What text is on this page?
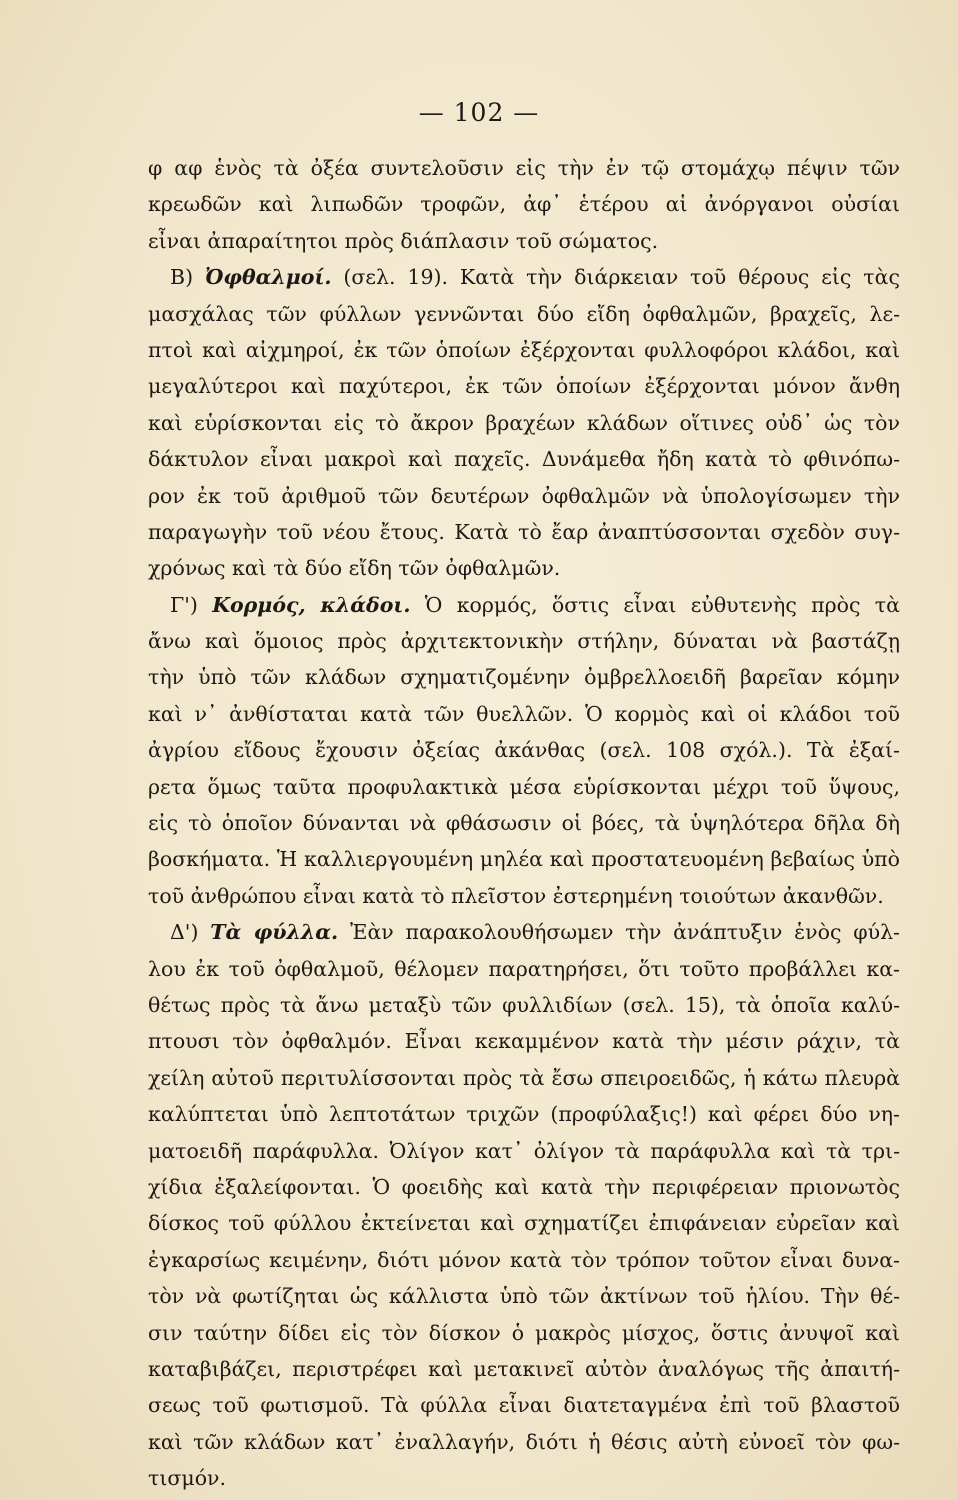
— 102 —
φ αφ ἑνὸς τὰ ὀξέα συντελοῦσιν εἰς τὴν ἐν τῷ στομάχῳ πέψιν τῶν
κρεωδῶν καὶ λιπωδῶν τροφῶν, ἀφ᾽ ἑτέρου αἱ ἀνόργανοι οὐσίαι
εἶναι ἀπαραίτητοι πρὸς διάπλασιν τοῦ σώματος.
Β) Ὀφθαλμοί. (σελ. 19). Κατὰ τὴν διάρκειαν τοῦ θέρους εἰς τὰς
μασχάλας τῶν φύλλων γεννῶνται δύο εἴδη ὀφθαλμῶν, βραχεῖς, λε-
πτοὶ καὶ αἰχμηροί, ἐκ τῶν ὁποίων ἐξέρχονται φυλλοφόροι κλάδοι, καὶ
μεγαλύτεροι καὶ παχύτεροι, ἐκ τῶν ὁποίων ἐξέρχονται μόνον ἄνθη
καὶ εὑρίσκονται εἰς τὸ ἄκρον βραχέων κλάδων οἵτινες οὐδ᾽ ὡς τὸν
δάκτυλον εἶναι μακροὶ καὶ παχεῖς. Δυνάμεθα ἤδη κατὰ τὸ φθινόπω-
ρον ἐκ τοῦ ἀριθμοῦ τῶν δευτέρων ὀφθαλμῶν νὰ ὑπολογίσωμεν τὴν
παραγωγὴν τοῦ νέου ἔτους. Κατὰ τὸ ἔαρ ἀναπτύσσονται σχεδὸν συγ-
χρόνως καὶ τὰ δύο εἴδη τῶν ὀφθαλμῶν.
Γ') Κορμός, κλάδοι. Ὁ κορμός, ὅστις εἶναι εὐθυτενὴς πρὸς τὰ
ἄνω καὶ ὅμοιος πρὸς ἀρχιτεκτονικὴν στήλην, δύναται νὰ βαστάζῃ
τὴν ὑπὸ τῶν κλάδων σχηματιζομένην ὀμβρελλοειδῆ βαρεῖαν κόμην
καὶ ν᾽ ἀνθίσταται κατὰ τῶν θυελλῶν. Ὁ κορμὸς καὶ οἱ κλάδοι τοῦ
ἀγρίου εἴδους ἔχουσιν ὀξείας ἀκάνθας (σελ. 108 σχόλ.). Τὰ ἐξαί-
ρετα ὅμως ταῦτα προφυλακτικὰ μέσα εὑρίσκονται μέχρι τοῦ ὕψους,
εἰς τὸ ὁποῖον δύνανται νὰ φθάσωσιν οἱ βόες, τὰ ὑψηλότερα δῆλα δὴ
βοσκήματα. Ἡ καλλιεργουμένη μηλέα καὶ προστατευομένη βεβαίως ὑπὸ
τοῦ ἀνθρώπου εἶναι κατὰ τὸ πλεῖστον ἐστερημένη τοιούτων ἀκανθῶν.
Δ') Τὰ φύλλα. Ἐὰν παρακολουθήσωμεν τὴν ἀνάπτυξιν ἑνὸς φύλ-
λου ἐκ τοῦ ὀφθαλμοῦ, θέλομεν παρατηρήσει, ὅτι τοῦτο προβάλλει κα-
θέτως πρὸς τὰ ἄνω μεταξὺ τῶν φυλλιδίων (σελ. 15), τὰ ὁποῖα καλύ-
πτουσι τὸν ὀφθαλμόν. Εἶναι κεκαμμένον κατὰ τὴν μέσιν ράχιν, τὰ
χείλη αὐτοῦ περιτυλίσσονται πρὸς τὰ ἔσω σπειροειδῶς, ἡ κάτω πλευρὰ
καλύπτεται ὑπὸ λεπτοτάτων τριχῶν (προφύλαξις!) καὶ φέρει δύο νη-
ματοειδῆ παράφυλλα. Ὀλίγον κατ᾽ ὀλίγον τὰ παράφυλλα καὶ τὰ τρι-
χίδια ἐξαλείφονται. Ὁ φοειδὴς καὶ κατὰ τὴν περιφέρειαν πριονωτὸς
δίσκος τοῦ φύλλου ἐκτείνεται καὶ σχηματίζει ἐπιφάνειαν εὐρεῖαν καὶ
ἐγκαρσίως κειμένην, διότι μόνον κατὰ τὸν τρόπον τοῦτον εἶναι δυνα-
τὸν νὰ φωτίζηται ὡς κάλλιστα ὑπὸ τῶν ἀκτίνων τοῦ ἡλίου. Τὴν θέ-
σιν ταύτην δίδει εἰς τὸν δίσκον ὁ μακρὸς μίσχος, ὅστις ἀνυψοῖ καὶ
καταβιβάζει, περιστρέφει καὶ μετακινεῖ αὐτὸν ἀναλόγως τῆς ἀπαιτή-
σεως τοῦ φωτισμοῦ. Τὰ φύλλα εἶναι διατεταγμένα ἐπὶ τοῦ βλαστοῦ
καὶ τῶν κλάδων κατ᾽ ἐναλλαγήν, διότι ἡ θέσις αὐτὴ εὐνοεῖ τὸν φω-
τισμόν.
